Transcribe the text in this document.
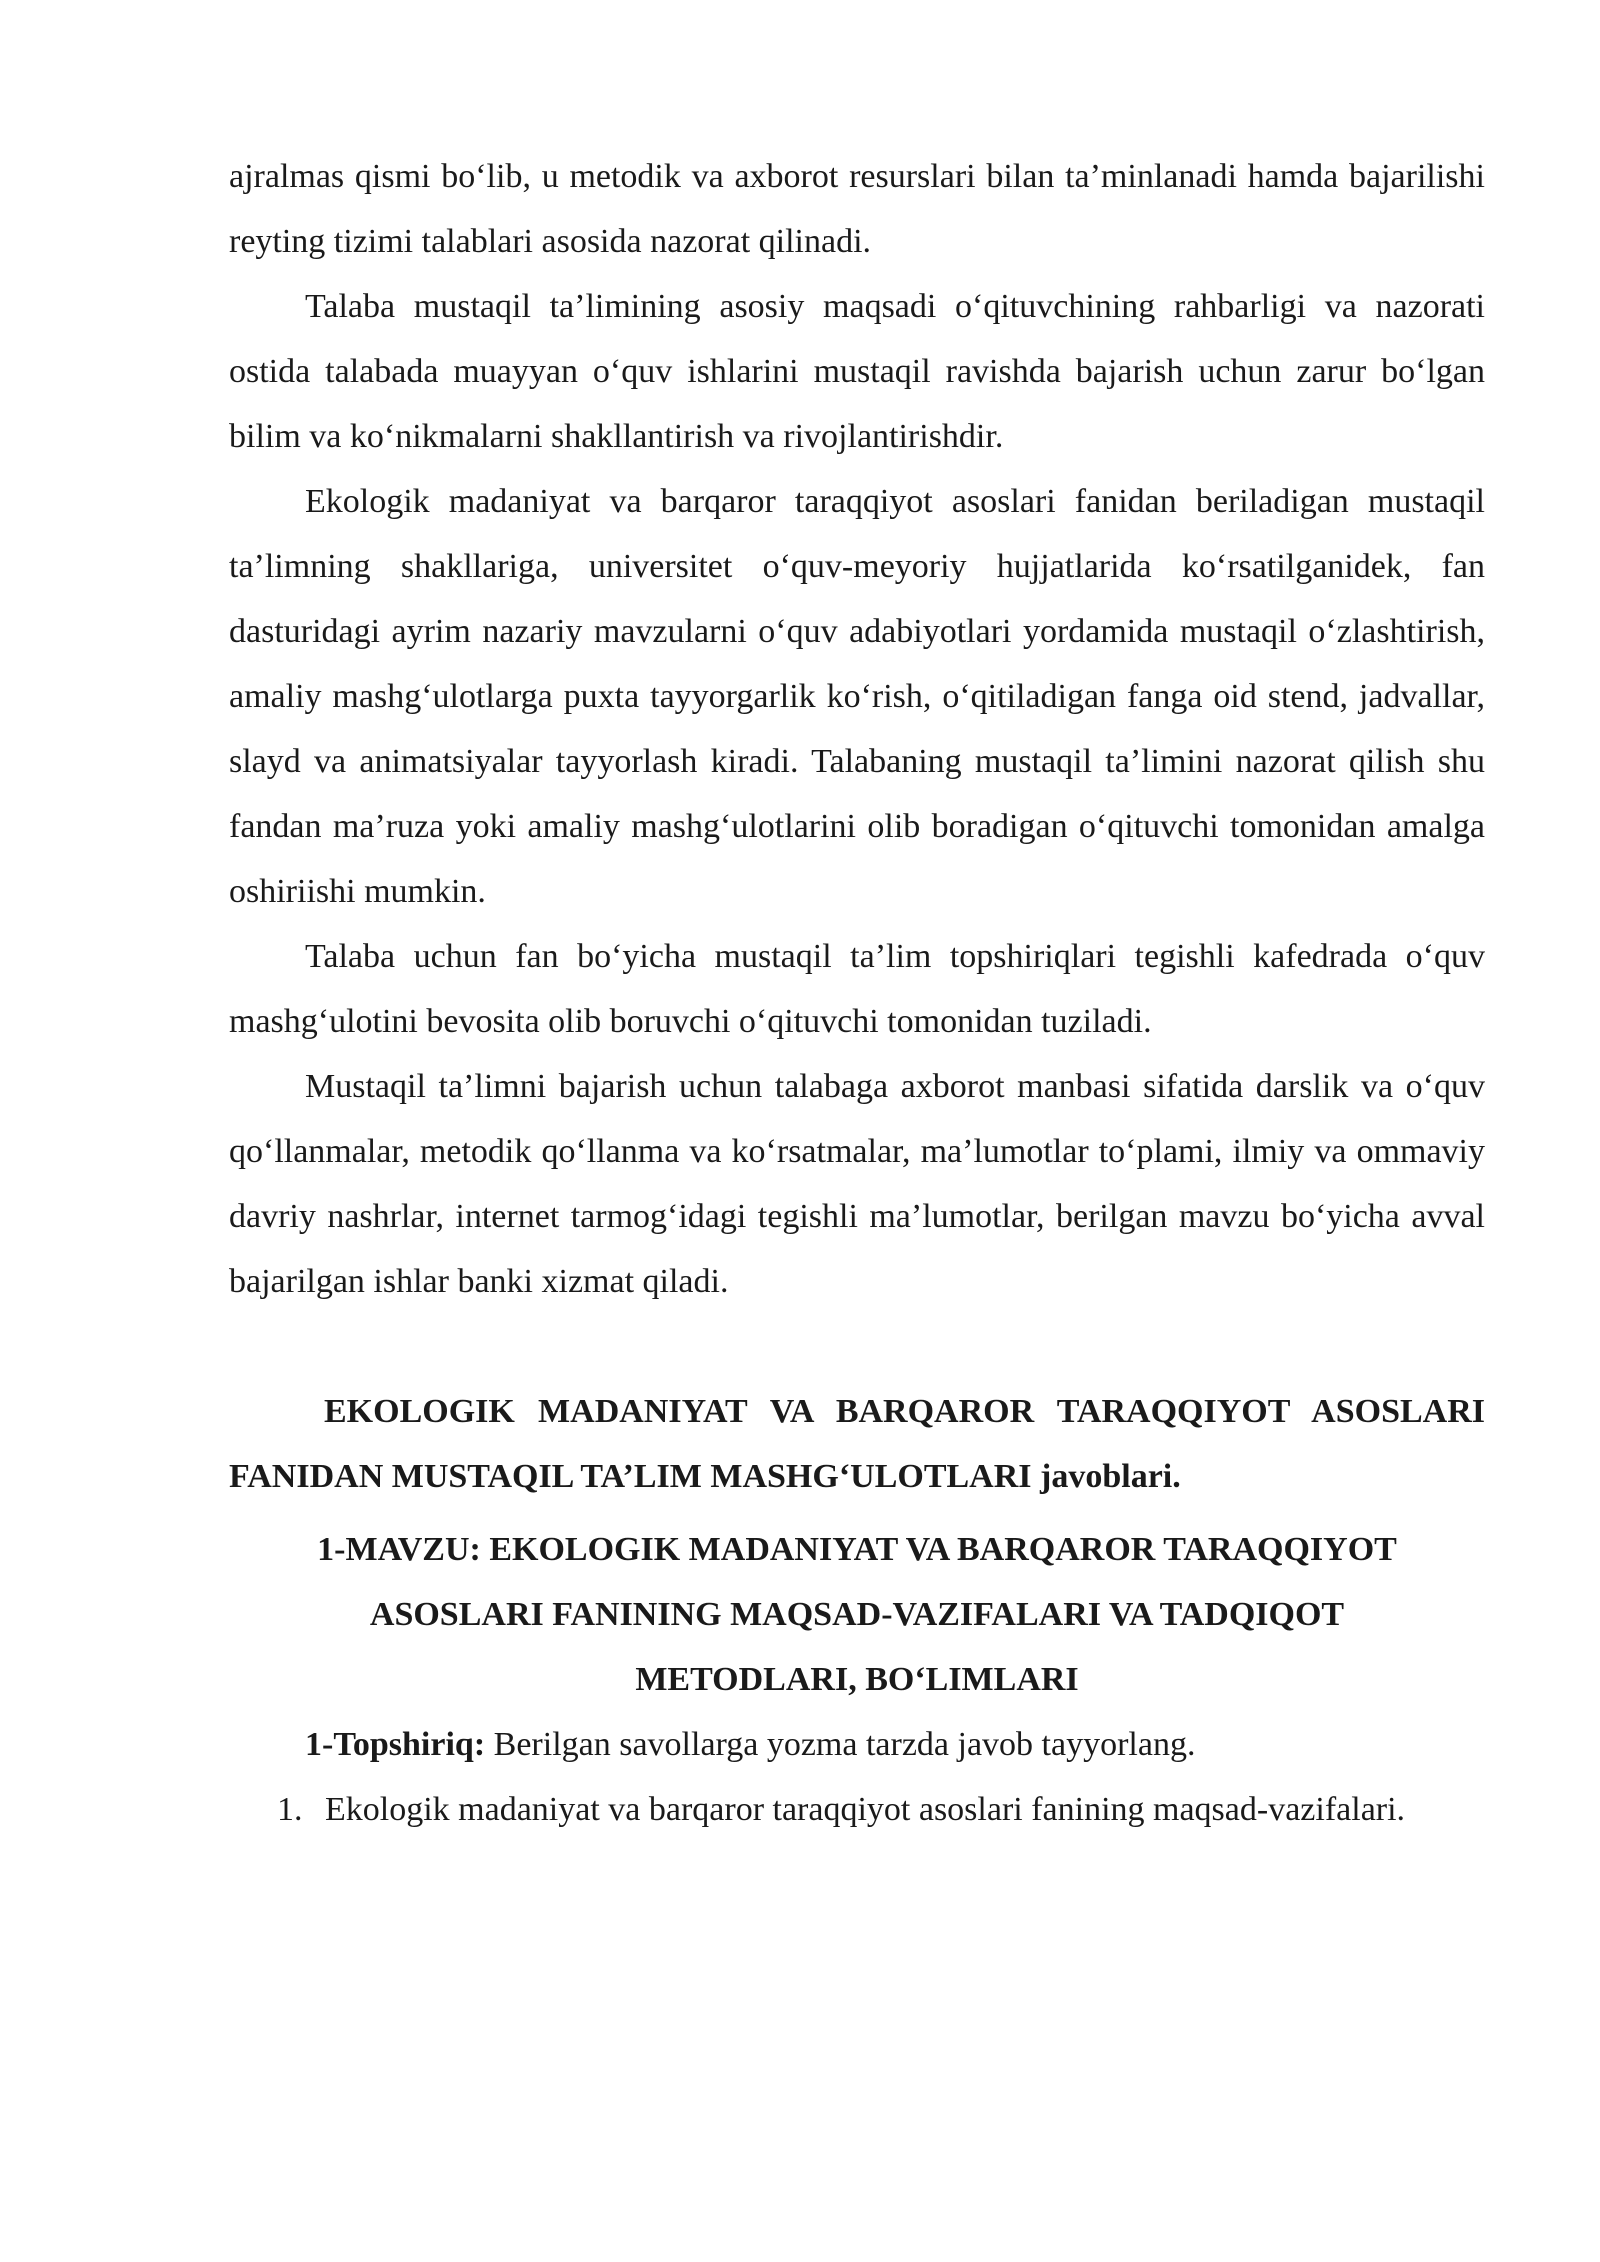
ajralmas qismi bo‘lib, u metodik va axborot resurslari bilan ta’minlanadi hamda bajarilishi reyting tizimi talablari asosida nazorat qilinadi.

Talaba mustaqil ta’limining asosiy maqsadi o‘qituvchining rahbarligi va nazorati ostida talabada muayyan o‘quv ishlarini mustaqil ravishda bajarish uchun zarur bo‘lgan bilim va ko‘nikmalarni shakllantirish va rivojlantirishdir.

Ekologik madaniyat va barqaror taraqqiyot asoslari fanidan beriladigan mustaqil ta’limning shakllariga, universitet o‘quv-meyoriy hujjatlarida ko‘rsatilganidek, fan dasturidagi ayrim nazariy mavzularni o‘quv adabiyotlari yordamida mustaqil o‘zlashtirish, amaliy mashg‘ulotlarga puxta tayyorgarlik ko‘rish, o‘qitiladigan fanga oid stend, jadvallar, slayd va animatsiyalar tayyorlash kiradi. Talabaning mustaqil ta’limini nazorat qilish shu fandan ma’ruza yoki amaliy mashg‘ulotlarini olib boradigan o‘qituvchi tomonidan amalga oshiriishi mumkin.

Talaba uchun fan bo‘yicha mustaqil ta’lim topshiriqlari tegishli kafedrada o‘quv mashg‘ulotini bevosita olib boruvchi o‘qituvchi tomonidan tuziladi.

Mustaqil ta’limni bajarish uchun talabaga axborot manbasi sifatida darslik va o‘quv qo‘llanmalar, metodik qo‘llanma va ko‘rsatmalar, ma’lumotlar to‘plami, ilmiy va ommaviy davriy nashrlar, internet tarmog‘idagi tegishli ma’lumotlar, berilgan mavzu bo‘yicha avval bajarilgan ishlar banki xizmat qiladi.

EKOLOGIK MADANIYAT VA BARQAROR TARAQQIYOT ASOSLARI FANIDAN MUSTAQIL TA’LIM MASHG‘ULOTLARI javoblari.

1-MAVZU: EKOLOGIK MADANIYAT VA BARQAROR TARAQQIYOT
ASOSLARI FANINING MAQSAD-VAZIFALARI VA TADQIQOT
METODLARI, BO‘LIMLARI

1-Topshiriq: Berilgan savollarga yozma tarzda javob tayyorlang.

1. Ekologik madaniyat va barqaror taraqqiyot asoslari fanining maqsad-vazifalari.
